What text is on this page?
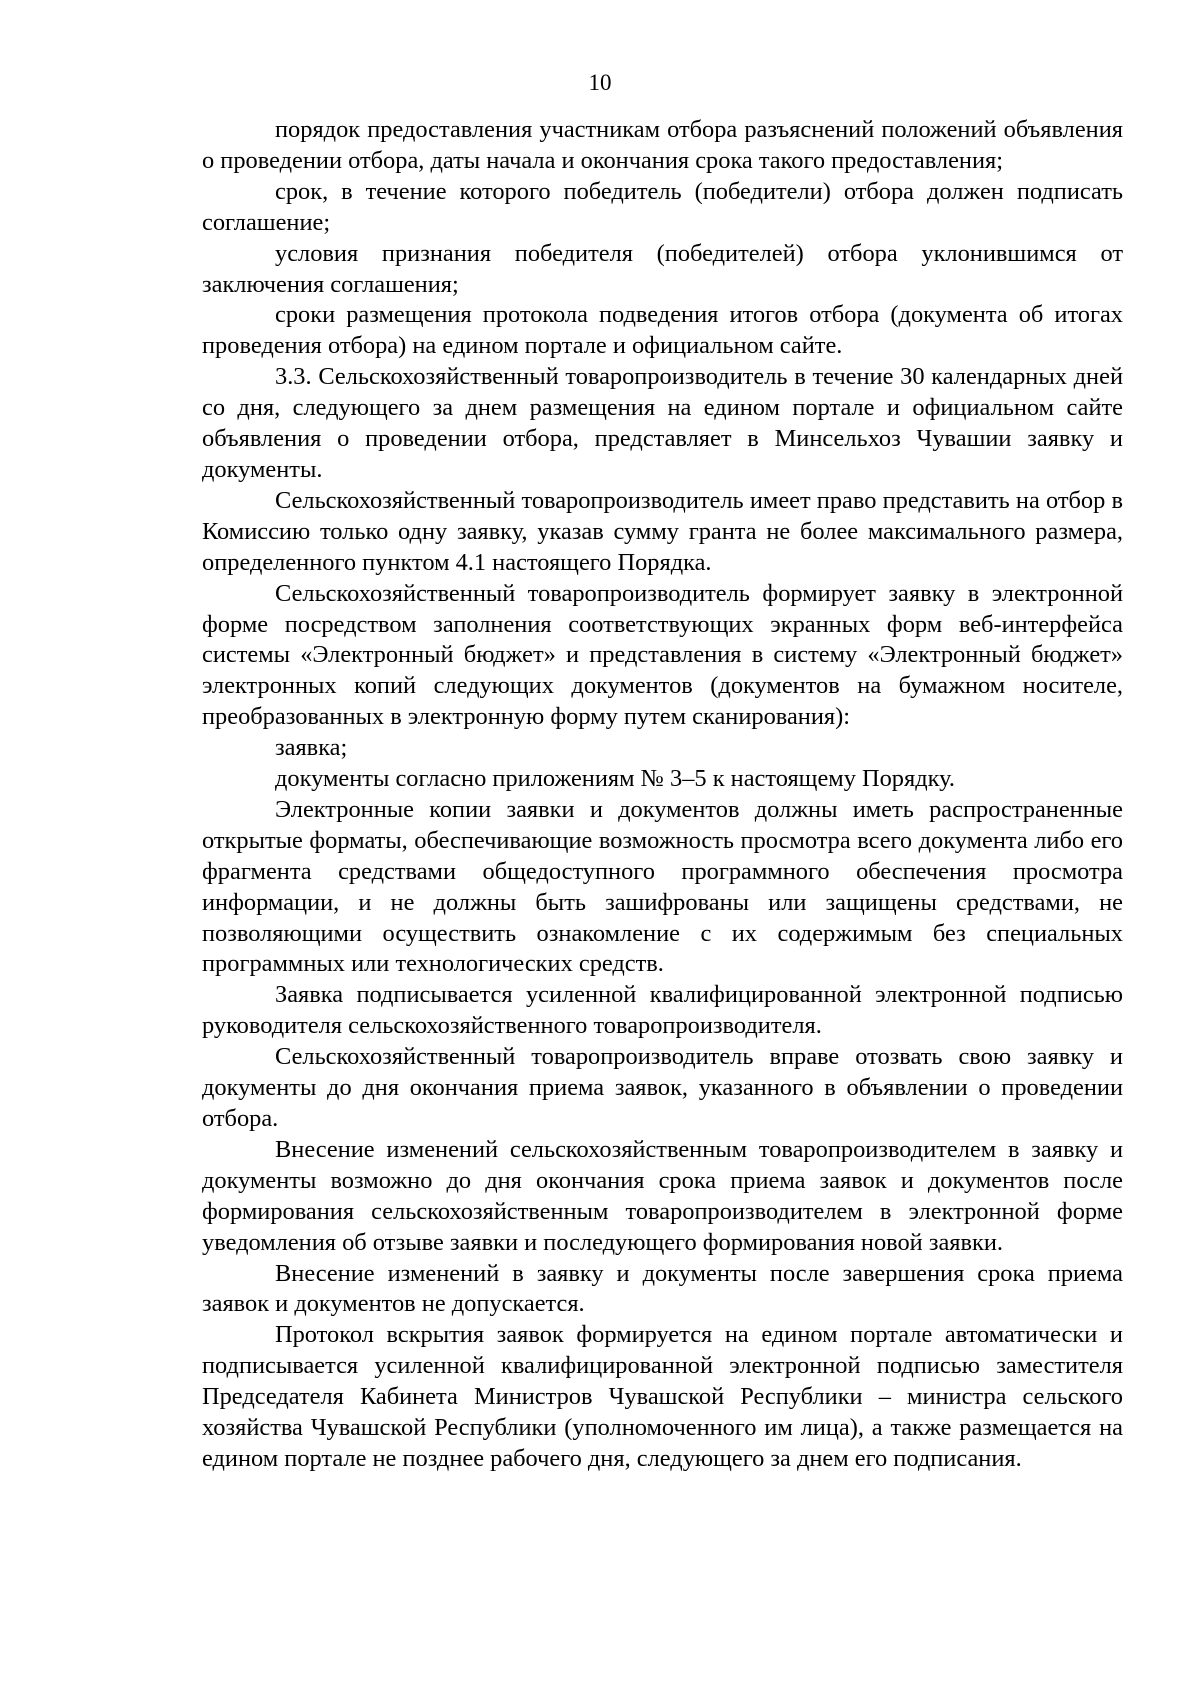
10

порядок предоставления участникам отбора разъяснений положений объявления о проведении отбора, даты начала и окончания срока такого предоставления;

срок, в течение которого победитель (победители) отбора должен подписать соглашение;

условия признания победителя (победителей) отбора уклонившимся от заключения соглашения;

сроки размещения протокола подведения итогов отбора (документа об итогах проведения отбора) на едином портале и официальном сайте.

3.3. Сельскохозяйственный товаропроизводитель в течение 30 календарных дней со дня, следующего за днем размещения на едином портале и официальном сайте объявления о проведении отбора, представляет в Минсельхоз Чувашии заявку и документы.

Сельскохозяйственный товаропроизводитель имеет право представить на отбор в Комиссию только одну заявку, указав сумму гранта не более максимального размера, определенного пунктом 4.1 настоящего Порядка.

Сельскохозяйственный товаропроизводитель формирует заявку в электронной форме посредством заполнения соответствующих экранных форм веб-интерфейса системы «Электронный бюджет» и представления в систему «Электронный бюджет» электронных копий следующих документов (документов на бумажном носителе, преобразованных в электронную форму путем сканирования):

заявка;

документы согласно приложениям № 3–5 к настоящему Порядку.

Электронные копии заявки и документов должны иметь распространенные открытые форматы, обеспечивающие возможность просмотра всего документа либо его фрагмента средствами общедоступного программного обеспечения просмотра информации, и не должны быть зашифрованы или защищены средствами, не позволяющими осуществить ознакомление с их содержимым без специальных программных или технологических средств.

Заявка подписывается усиленной квалифицированной электронной подписью руководителя сельскохозяйственного товаропроизводителя.

Сельскохозяйственный товаропроизводитель вправе отозвать свою заявку и документы до дня окончания приема заявок, указанного в объявлении о проведении отбора.

Внесение изменений сельскохозяйственным товаропроизводителем в заявку и документы возможно до дня окончания срока приема заявок и документов после формирования сельскохозяйственным товаропроизводителем в электронной форме уведомления об отзыве заявки и последующего формирования новой заявки.

Внесение изменений в заявку и документы после завершения срока приема заявок и документов не допускается.

Протокол вскрытия заявок формируется на едином портале автоматически и подписывается усиленной квалифицированной электронной подписью заместителя Председателя Кабинета Министров Чувашской Республики – министра сельского хозяйства Чувашской Республики (уполномоченного им лица), а также размещается на едином портале не позднее рабочего дня, следующего за днем его подписания.
